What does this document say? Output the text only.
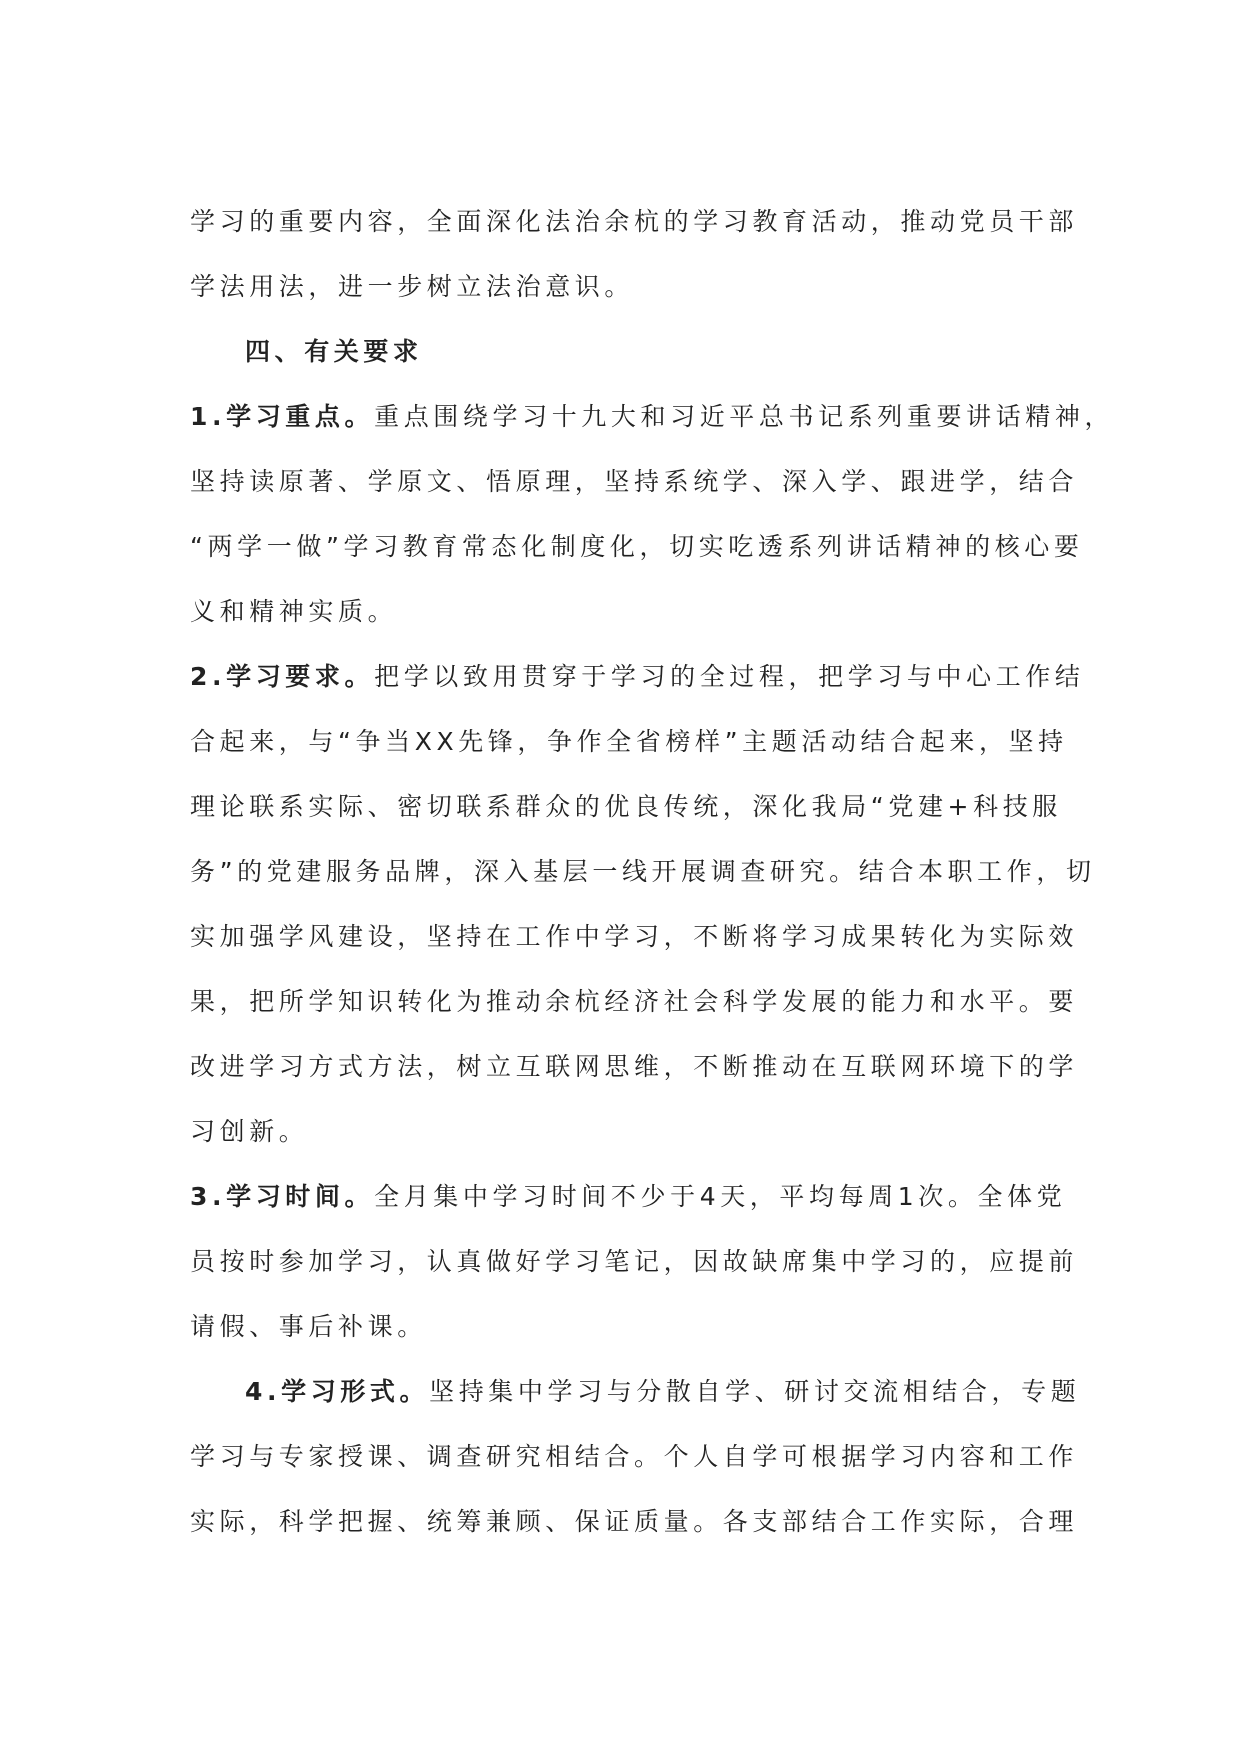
学习的重要内容，全面深化法治余杭的学习教育活动，推动党员干部

学法用法，进一步树立法治意识。

四、有关要求

1.学习重点。重点围绕学习十九大和习近平总书记系列重要讲话精神，

坚持读原著、学原文、悟原理，坚持系统学、深入学、跟进学，结合

“两学一做”学习教育常态化制度化，切实吃透系列讲话精神的核心要

义和精神实质。

2.学习要求。把学以致用贯穿于学习的全过程，把学习与中心工作结

合起来，与“争当XX先锋，争作全省榜样”主题活动结合起来，坚持

理论联系实际、密切联系群众的优良传统，深化我局“党建+科技服

务”的党建服务品牌，深入基层一线开展调查研究。结合本职工作，切

实加强学风建设，坚持在工作中学习，不断将学习成果转化为实际效

果，把所学知识转化为推动余杭经济社会科学发展的能力和水平。要

改进学习方式方法，树立互联网思维，不断推动在互联网环境下的学

习创新。

3.学习时间。全月集中学习时间不少于4天，平均每周1次。全体党

员按时参加学习，认真做好学习笔记，因故缺席集中学习的，应提前

请假、事后补课。

4.学习形式。坚持集中学习与分散自学、研讨交流相结合，专题

学习与专家授课、调查研究相结合。个人自学可根据学习内容和工作

实际，科学把握、统筹兼顾、保证质量。各支部结合工作实际，合理
